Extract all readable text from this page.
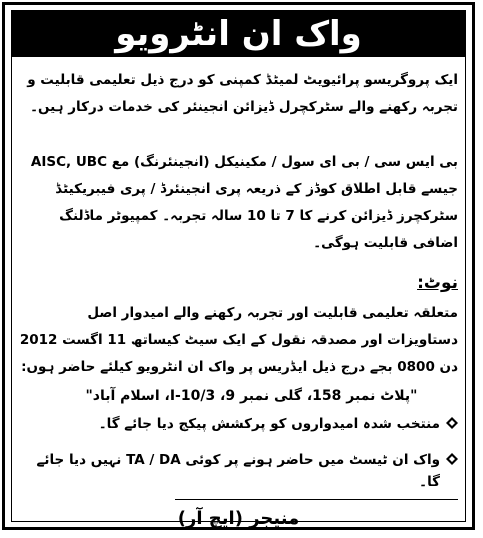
واک ان انٹرویو
ایک پروگریسو پرائیویٹ لمیٹڈ کمپنی کو درج ذیل تعلیمی قابلیت و تجربہ رکھنے والے سٹرکچرل ڈیزائن انجینئر کی خدمات درکار ہیں۔
بی ایس سی / بی ای سول / مکینیکل (انجینئرنگ) مع AISC, UBC جیسے قابل اطلاق کوڈز کے ذریعہ پری انجینئرڈ / پری فیبریکیٹڈ سٹرکچرز ڈیزائن کرنے کا 7 تا 10 سالہ تجربہ۔ کمپیوٹر ماڈلنگ اضافی قابلیت ہوگی۔
نوٹ:
متعلقہ تعلیمی قابلیت اور تجربہ رکھنے والے امیدوار اصل دستاویزات اور مصدقہ نقول کے ایک سیٹ کیساتھ 11 اگست 2012 دن 0800 بجے درج ذیل ایڈریس پر واک ان انٹرویو کیلئے حاضر ہوں:
"پلاٹ نمبر 158، گلی نمبر 9، I-10/3، اسلام آباد"
منتخب شدہ امیدواروں کو پرکشش پیکج دیا جائے گا۔
واک ان ٹیسٹ میں حاضر ہونے پر کوئی TA / DA نہیں دیا جائے گا۔
منیجر (ایچ آر)
